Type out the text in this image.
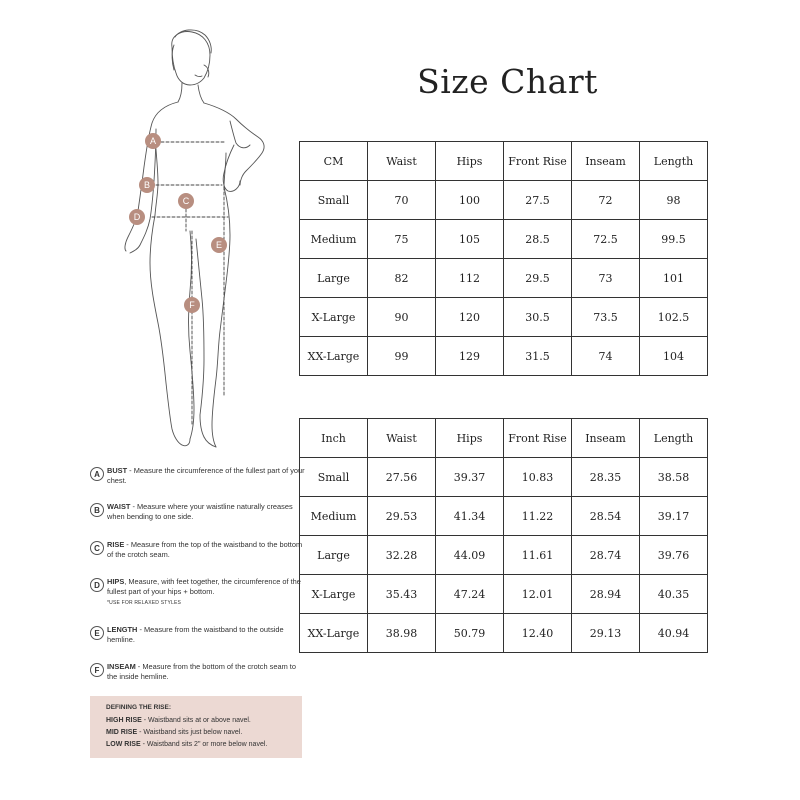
A
B
C
D
E
F
Size Chart
CM	Waist	Hips	Front Rise	Inseam	Length
Small	70	100	27.5	72	98
Medium	75	105	28.5	72.5	99.5
Large	82	112	29.5	73	101
X-Large	90	120	30.5	73.5	102.5
XX-Large	99	129	31.5	74	104
Inch	Waist	Hips	Front Rise	Inseam	Length
Small	27.56	39.37	10.83	28.35	38.58
Medium	29.53	41.34	11.22	28.54	39.17
Large	32.28	44.09	11.61	28.74	39.76
X-Large	35.43	47.24	12.01	28.94	40.35
XX-Large	38.98	50.79	12.40	29.13	40.94
A BUST - Measure the circumference of the fullest part of your chest.
B WAIST - Measure where your waistline naturally creases when bending to one side.
C RISE - Measure from the top of the waistband to the bottom of the crotch seam.
D HIPS, Measure, with feet together, the circumference of the fullest part of your hips + bottom.
*USE FOR RELAXED STYLES
E LENGTH - Measure from the waistband to the outside hemline.
F	INSEAM - Measure from the bottom of the crotch seam to the inside hemline.
DEFINING THE RISE:
HIGH RISE - Waistband sits at or above navel.
MID RISE - Waistband sits just below navel.
LOW RISE - Waistband sits 2" or more below navel.
